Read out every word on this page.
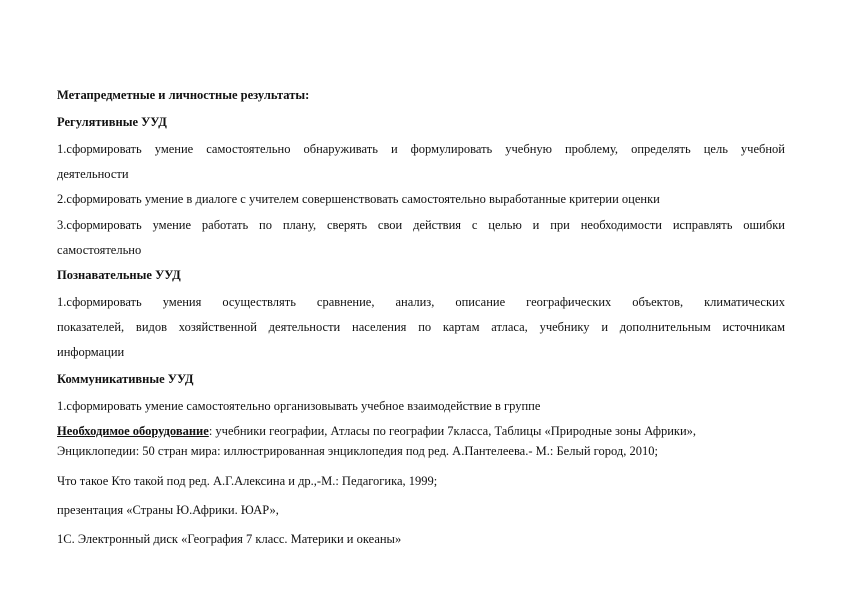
Метапредметные и личностные результаты:
Регулятивные УУД
1.сформировать умение самостоятельно обнаруживать и формулировать учебную проблему, определять цель учебной
деятельности
2.сформировать умение в диалоге с учителем совершенствовать самостоятельно выработанные критерии оценки
3.сформировать умение работать по плану, сверять свои действия с целью и при необходимости исправлять ошибки
самостоятельно
Познавательные УУД
1.сформировать умения осуществлять сравнение, анализ, описание географических объектов, климатических
показателей, видов хозяйственной деятельности населения по картам атласа, учебнику и дополнительным источникам
информации
Коммуникативные УУД
1.сформировать умение самостоятельно организовывать учебное взаимодействие в группе
Необходимое оборудование: учебники географии, Атласы по географии 7класса, Таблицы «Природные зоны Африки»,
Энциклопедии: 50 стран мира: иллюстрированная энциклопедия под ред. А.Пантелеева.- М.: Белый город, 2010;
Что такое Кто такой под ред. А.Г.Алексина и др.,-М.: Педагогика, 1999;
презентация «Страны Ю.Африки. ЮАР»,
1С. Электронный диск «География 7 класс. Материки и океаны»
